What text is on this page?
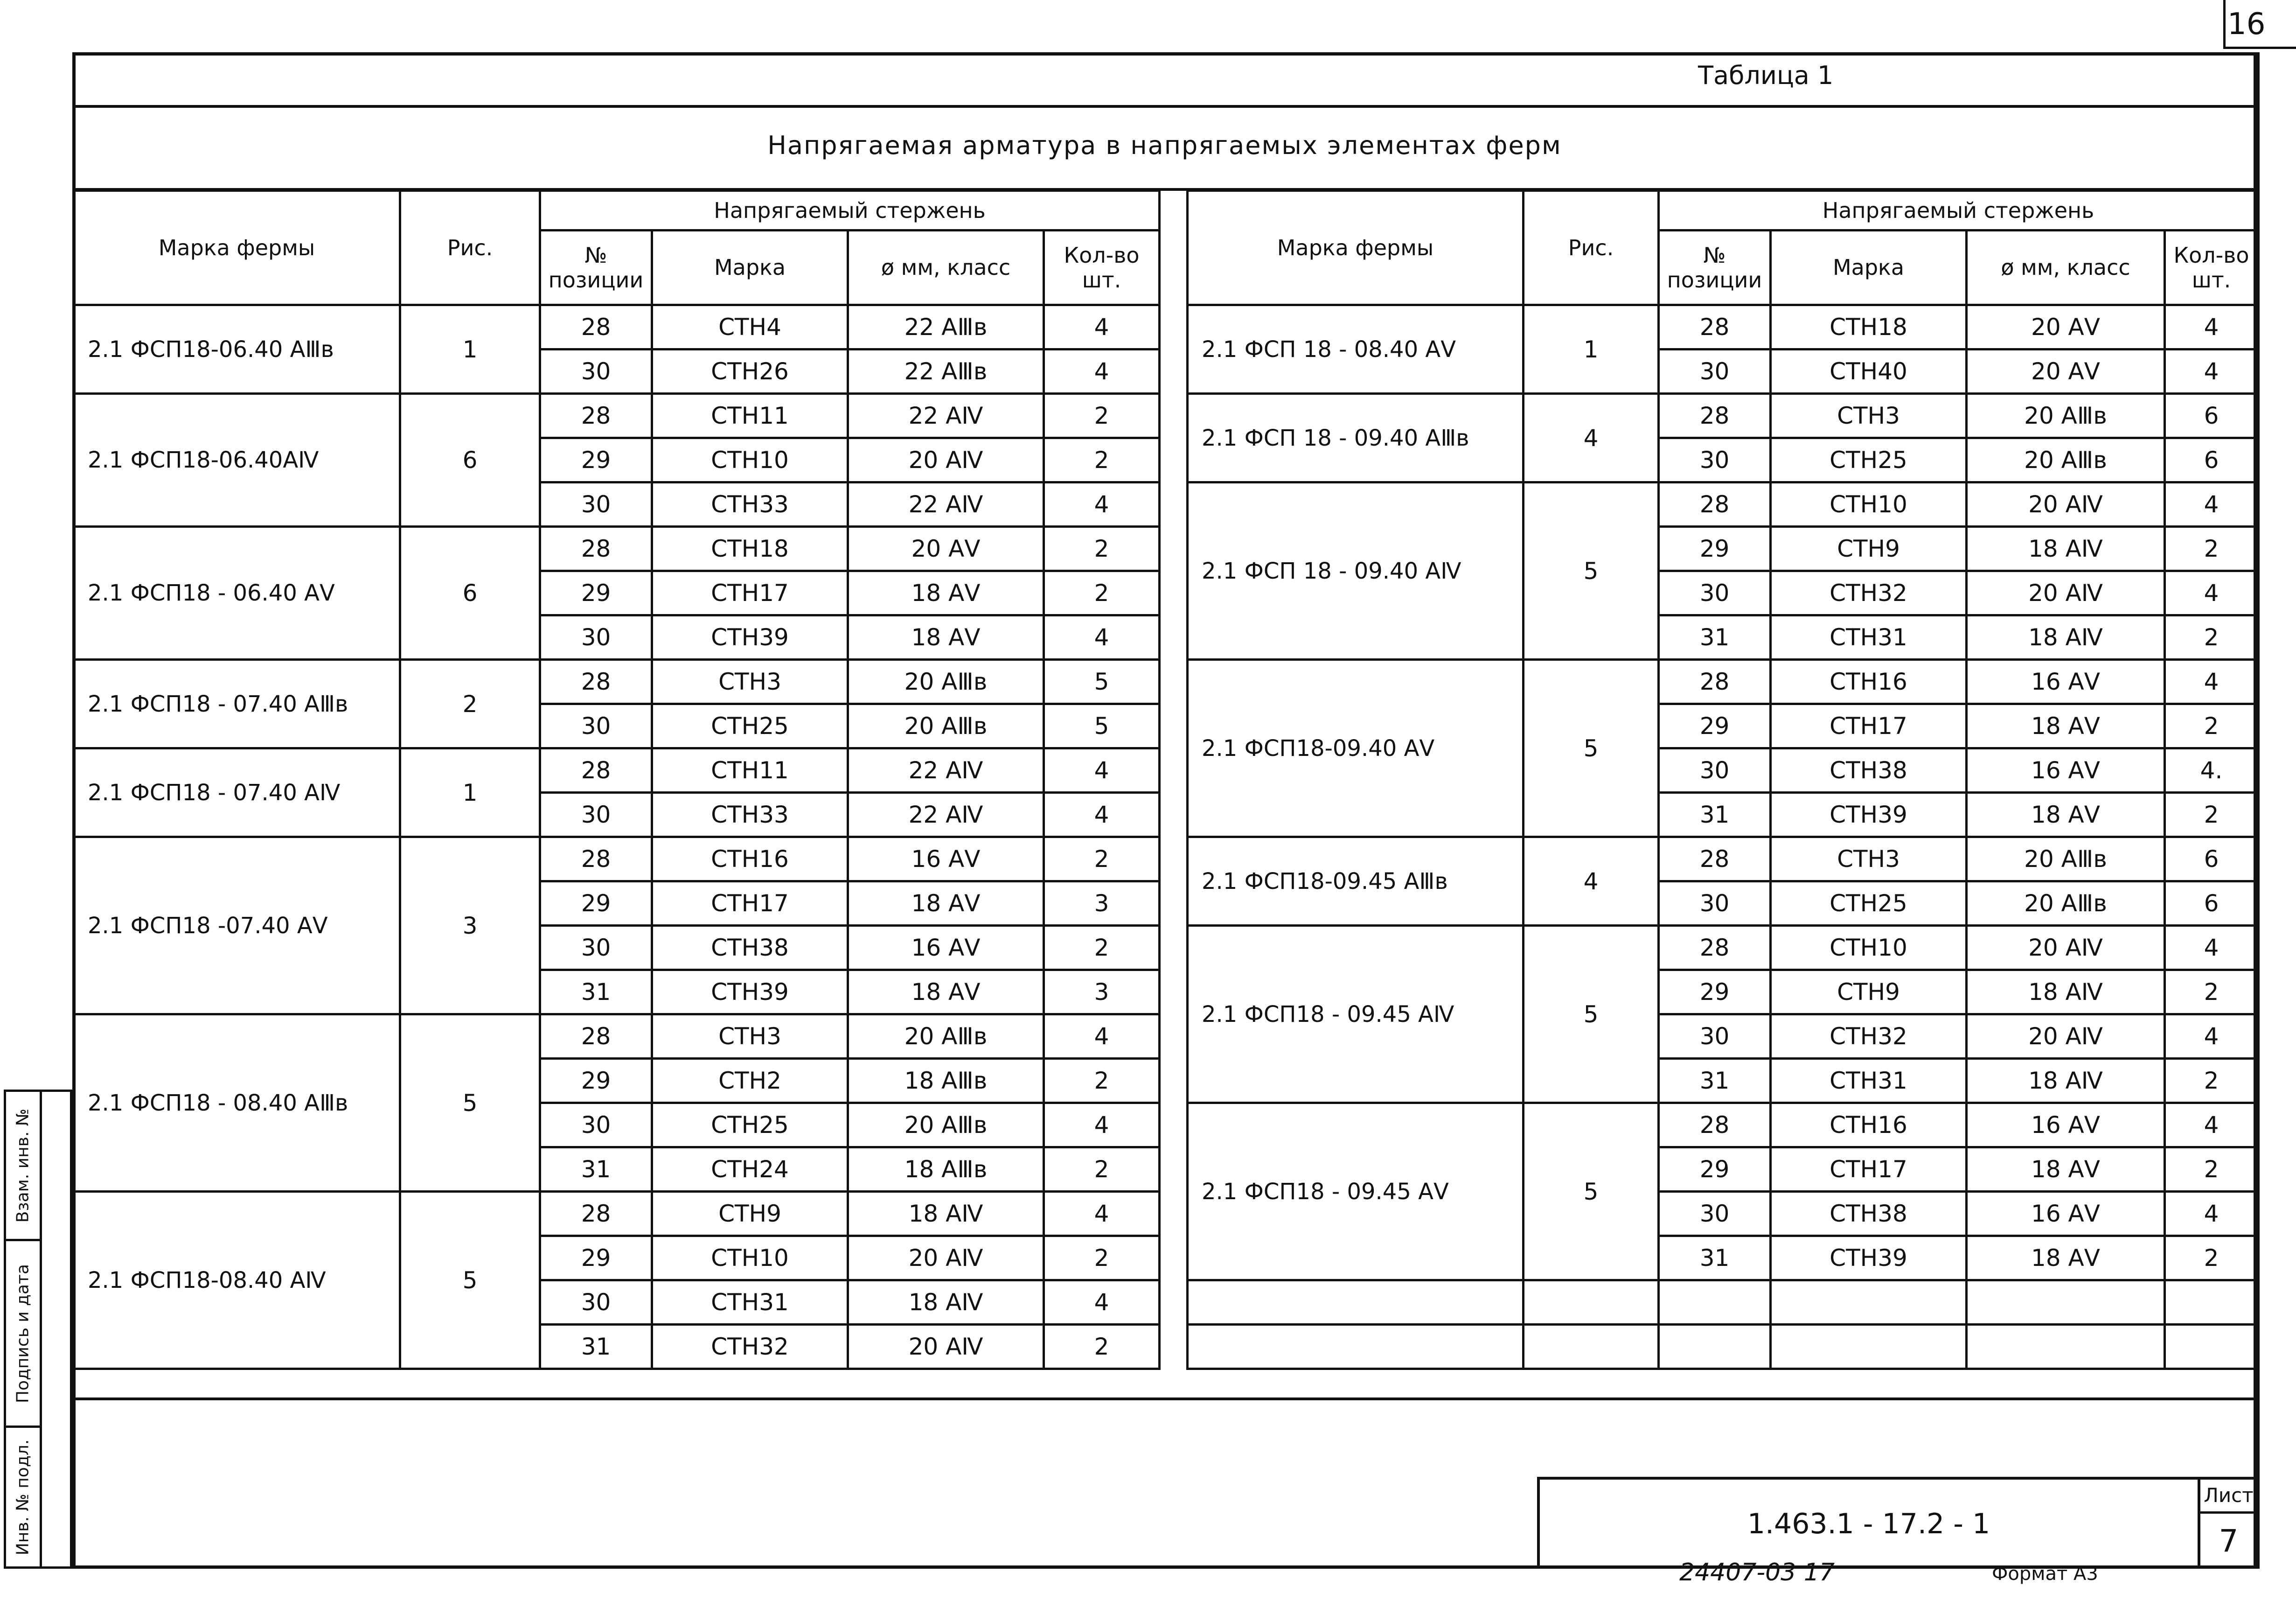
16
Таблица 1
Напрягаемая арматура в напрягаемых элементах ферм
Марка фермы	Рис.	Напрягаемый стержень			
		№ позиции	Марка	ø мм, класс	Кол-во шт.
2.1 ФСП18-06.40 АⅢв	1	28	СТН4	22 АⅢв	4
		30	СТН26	22 АⅢв	4
2.1 ФСП18-06.40АⅣ	6	28	СТН11	22 АⅣ	2
		29	СТН10	20 АⅣ	2
		30	СТН33	22 АⅣ	4
2.1 ФСП18 - 06.40 АⅤ	6	28	СТН18	20 АⅤ	2
		29	СТН17	18 АⅤ	2
		30	СТН39	18 АⅤ	4
2.1 ФСП18 - 07.40 АⅢв	2	28	СТН3	20 АⅢв	5
		30	СТН25	20 АⅢв	5
2.1 ФСП18 - 07.40 АⅣ	1	28	СТН11	22 АⅣ	4
		30	СТН33	22 АⅣ	4
2.1 ФСП18 -07.40 АⅤ	3	28	СТН16	16 АⅤ	2
		29	СТН17	18 АⅤ	3
		30	СТН38	16 АⅤ	2
		31	СТН39	18 АⅤ	3
2.1 ФСП18 - 08.40 АⅢв	5	28	СТН3	20 АⅢв	4
		29	СТН2	18 АⅢв	2
		30	СТН25	20 АⅢв	4
		31	СТН24	18 АⅢв	2
2.1 ФСП18-08.40 АⅣ	5	28	СТН9	18 АⅣ	4
		29	СТН10	20 АⅣ	2
		30	СТН31	18 АⅣ	4
		31	СТН32	20 АⅣ	2
Марка фермы	Рис.	Напрягаемый стержень			
		№ позиции	Марка	ø мм, класс	Кол-во шт.
2.1 ФСП 18 - 08.40 АⅤ	1	28	СТН18	20 АⅤ	4
		30	СТН40	20 АⅤ	4
2.1 ФСП 18 - 09.40 АⅢв	4	28	СТН3	20 АⅢв	6
		30	СТН25	20 АⅢв	6
2.1 ФСП 18 - 09.40 АⅣ	5	28	СТН10	20 АⅣ	4
		29	СТН9	18 АⅣ	2
		30	СТН32	20 АⅣ	4
		31	СТН31	18 АⅣ	2
2.1 ФСП18-09.40 АⅤ	5	28	СТН16	16 АⅤ	4
		29	СТН17	18 АⅤ	2
		30	СТН38	16 АⅤ	4.
		31	СТН39	18 АⅤ	2
2.1 ФСП18-09.45 АⅢв	4	28	СТН3	20 АⅢв	6
		30	СТН25	20 АⅢв	6
2.1 ФСП18 - 09.45 АⅣ	5	28	СТН10	20 АⅣ	4
		29	СТН9	18 АⅣ	2
		30	СТН32	20 АⅣ	4
		31	СТН31	18 АⅣ	2
2.1 ФСП18 - 09.45 АⅤ	5	28	СТН16	16 АⅤ	4
		29	СТН17	18 АⅤ	2
		30	СТН38	16 АⅤ	4
		31	СТН39	18 АⅤ	2

1.463.1 - 17.2 - 1
Лист
7
24407-03 17	Формат А3
Взам. инв. №
Подпись и дата
Инв. № подл.
